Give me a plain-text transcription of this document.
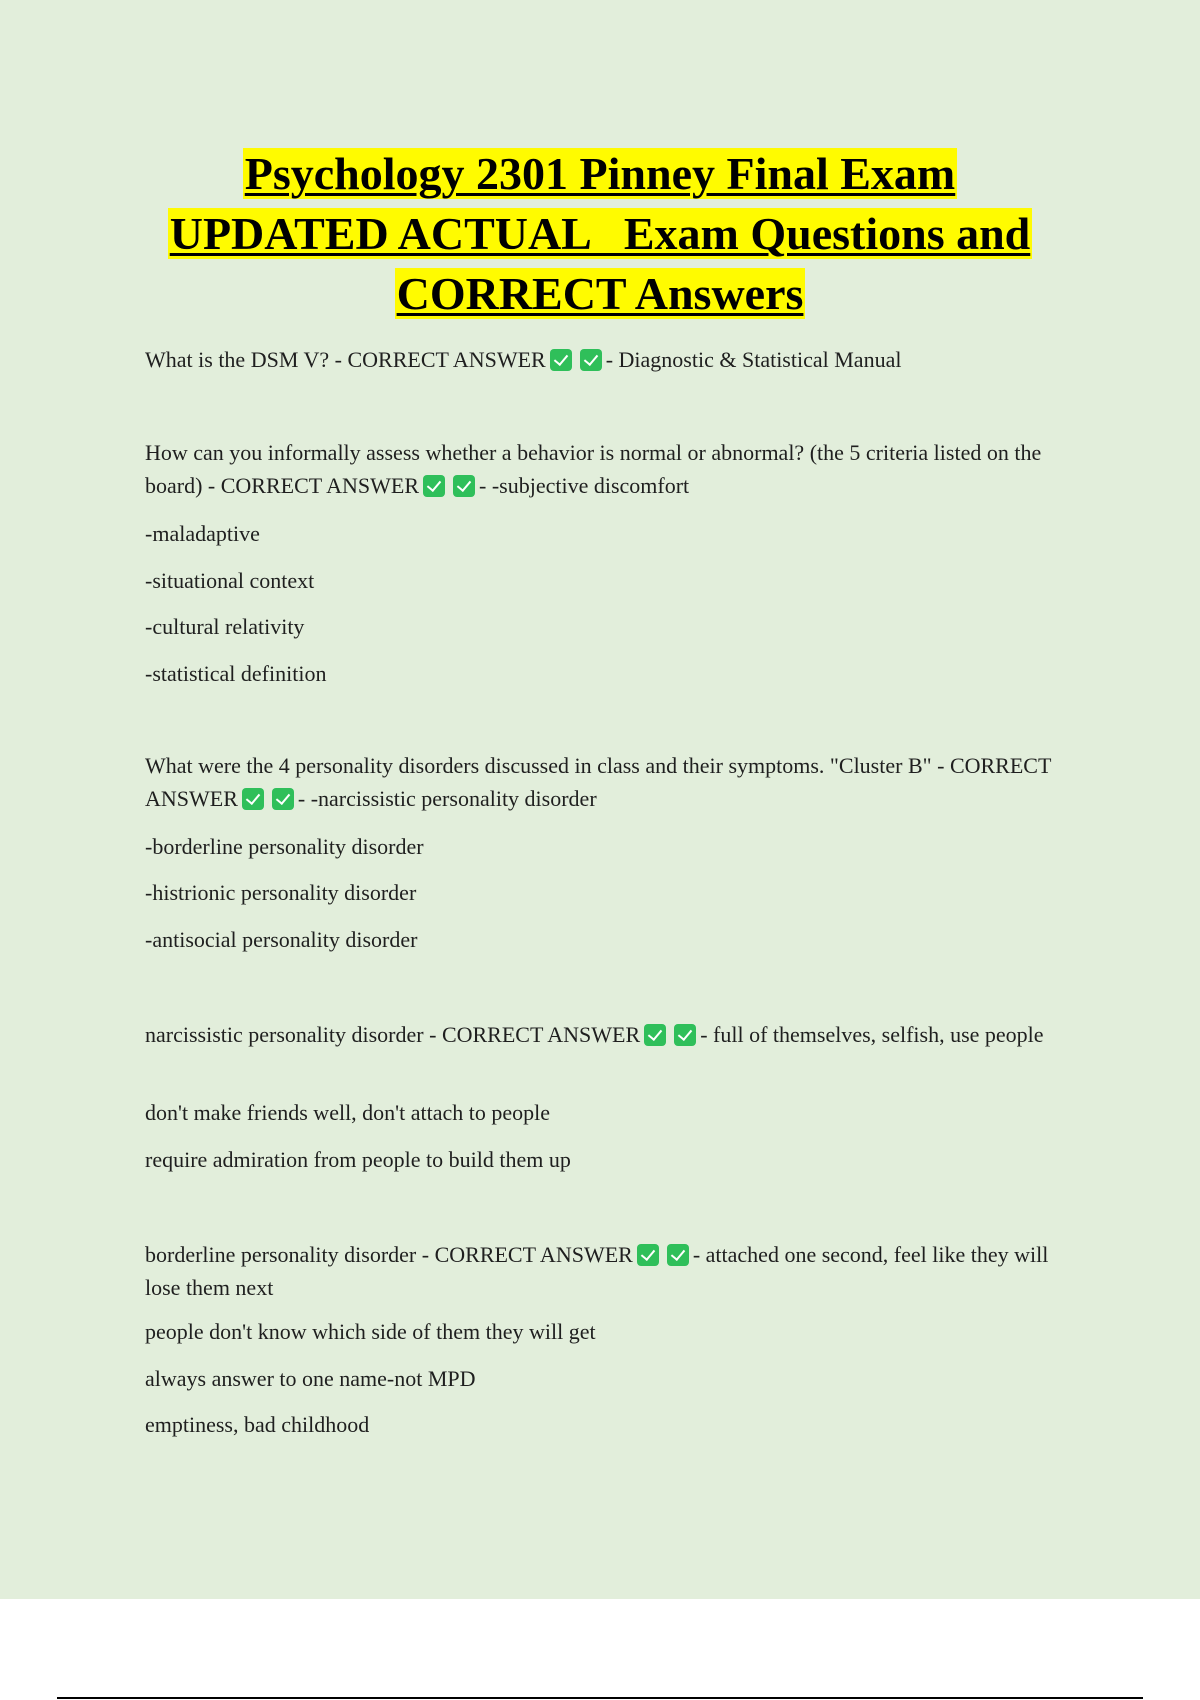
Psychology 2301 Pinney Final Exam
UPDATED ACTUAL   Exam Questions and
CORRECT Answers
What is the DSM V? - CORRECT ANSWER	- Diagnostic & Statistical Manual
How can you informally assess whether a behavior is normal or abnormal? (the 5 criteria listed on the board) - CORRECT ANSWER	- -subjective discomfort
-maladaptive
-situational context
-cultural relativity
-statistical definition
What were the 4 personality disorders discussed in class and their symptoms. "Cluster B" - CORRECT ANSWER	- -narcissistic personality disorder
-borderline personality disorder
-histrionic personality disorder
-antisocial personality disorder
narcissistic personality disorder - CORRECT ANSWER	- full of themselves, selfish, use people
don't make friends well, don't attach to people
require admiration from people to build them up
borderline personality disorder - CORRECT ANSWER	- attached one second, feel like they will lose them next
people don't know which side of them they will get
always answer to one name-not MPD
emptiness, bad childhood
